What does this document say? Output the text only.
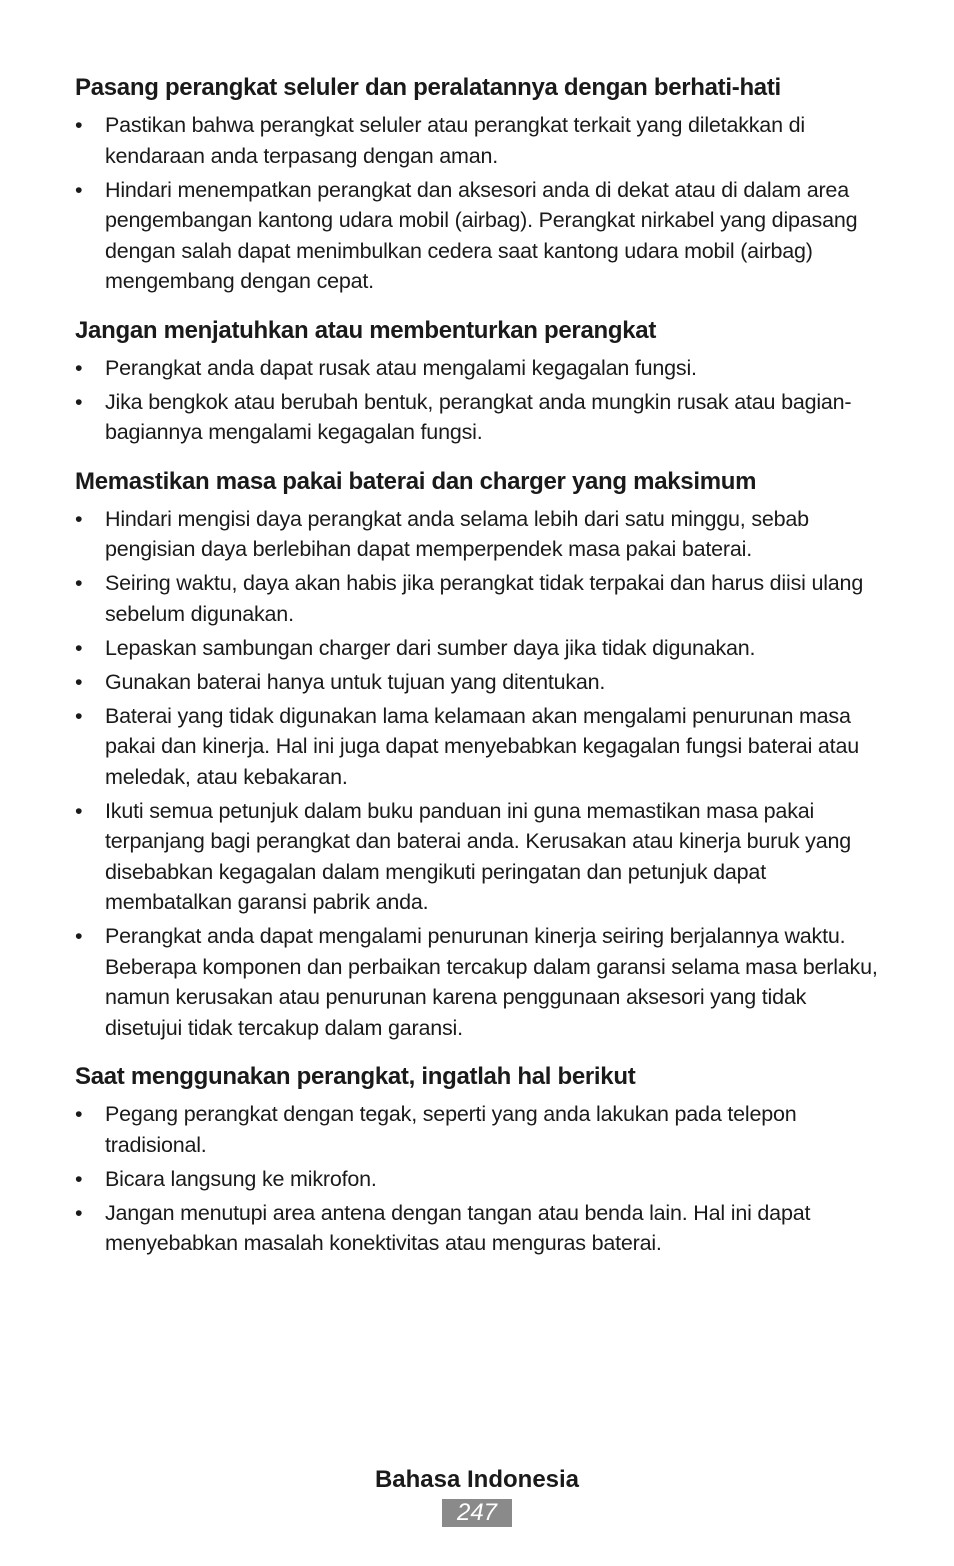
Pasang perangkat seluler dan peralatannya dengan berhati-hati
•	Pastikan bahwa perangkat seluler atau perangkat terkait yang diletakkan di kendaraan anda terpasang dengan aman.
•	Hindari menempatkan perangkat dan aksesori anda di dekat atau di dalam area pengembangan kantong udara mobil (airbag). Perangkat nirkabel yang dipasang dengan salah dapat menimbulkan cedera saat kantong udara mobil (airbag) mengembang dengan cepat.
Jangan menjatuhkan atau membenturkan perangkat
•	Perangkat anda dapat rusak atau mengalami kegagalan fungsi.
•	Jika bengkok atau berubah bentuk, perangkat anda mungkin rusak atau bagian-bagiannya mengalami kegagalan fungsi.
Memastikan masa pakai baterai dan charger yang maksimum
•	Hindari mengisi daya perangkat anda selama lebih dari satu minggu, sebab pengisian daya berlebihan dapat memperpendek masa pakai baterai.
•	Seiring waktu, daya akan habis jika perangkat tidak terpakai dan harus diisi ulang sebelum digunakan.
•	Lepaskan sambungan charger dari sumber daya jika tidak digunakan.
•	Gunakan baterai hanya untuk tujuan yang ditentukan.
•	Baterai yang tidak digunakan lama kelamaan akan mengalami penurunan masa pakai dan kinerja. Hal ini juga dapat menyebabkan kegagalan fungsi baterai atau meledak, atau kebakaran.
•	Ikuti semua petunjuk dalam buku panduan ini guna memastikan masa pakai terpanjang bagi perangkat dan baterai anda. Kerusakan atau kinerja buruk yang disebabkan kegagalan dalam mengikuti peringatan dan petunjuk dapat membatalkan garansi pabrik anda.
•	Perangkat anda dapat mengalami penurunan kinerja seiring berjalannya waktu. Beberapa komponen dan perbaikan tercakup dalam garansi selama masa berlaku, namun kerusakan atau penurunan karena penggunaan aksesori yang tidak disetujui tidak tercakup dalam garansi.
Saat menggunakan perangkat, ingatlah hal berikut
•	Pegang perangkat dengan tegak, seperti yang anda lakukan pada telepon tradisional.
•	Bicara langsung ke mikrofon.
•	Jangan menutupi area antena dengan tangan atau benda lain. Hal ini dapat menyebabkan masalah konektivitas atau menguras baterai.
Bahasa Indonesia
247
